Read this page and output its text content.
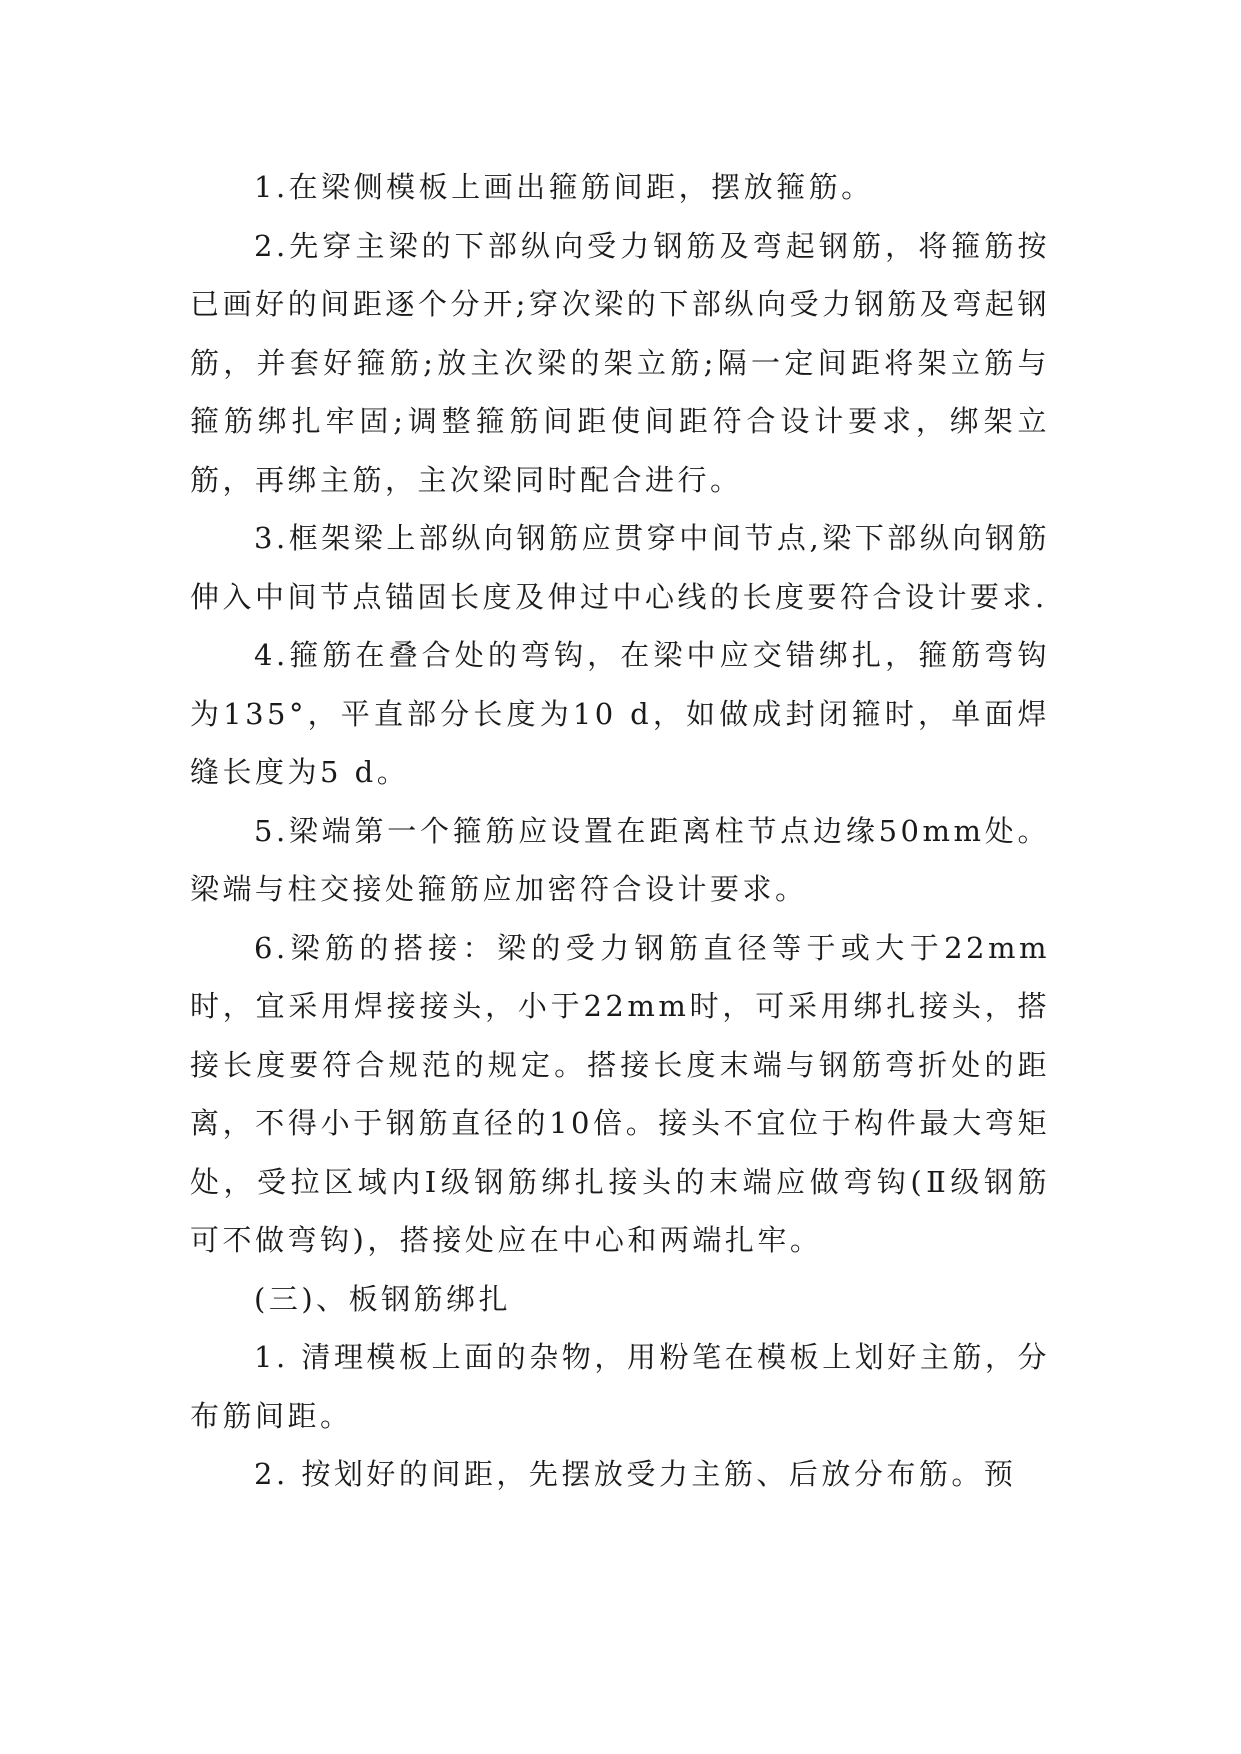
1.在梁侧模板上画出箍筋间距，摆放箍筋。

2.先穿主梁的下部纵向受力钢筋及弯起钢筋，将箍筋按已画好的间距逐个分开;穿次梁的下部纵向受力钢筋及弯起钢筋，并套好箍筋;放主次梁的架立筋;隔一定间距将架立筋与箍筋绑扎牢固;调整箍筋间距使间距符合设计要求，绑架立筋，再绑主筋，主次梁同时配合进行。

3.框架梁上部纵向钢筋应贯穿中间节点,梁下部纵向钢筋伸入中间节点锚固长度及伸过中心线的长度要符合设计要求.

4.箍筋在叠合处的弯钩，在梁中应交错绑扎，箍筋弯钩为135°，平直部分长度为10 d，如做成封闭箍时，单面焊缝长度为5 d。

5.梁端第一个箍筋应设置在距离柱节点边缘50mm处。梁端与柱交接处箍筋应加密符合设计要求。

6.梁筋的搭接：梁的受力钢筋直径等于或大于22mm时，宜采用焊接接头，小于22mm时，可采用绑扎接头，搭接长度要符合规范的规定。搭接长度末端与钢筋弯折处的距离，不得小于钢筋直径的10倍。接头不宜位于构件最大弯矩处，受拉区域内Ⅰ级钢筋绑扎接头的末端应做弯钩(Ⅱ级钢筋可不做弯钩)，搭接处应在中心和两端扎牢。

(三)、板钢筋绑扎

1. 清理模板上面的杂物，用粉笔在模板上划好主筋，分布筋间距。

2. 按划好的间距，先摆放受力主筋、后放分布筋。预
